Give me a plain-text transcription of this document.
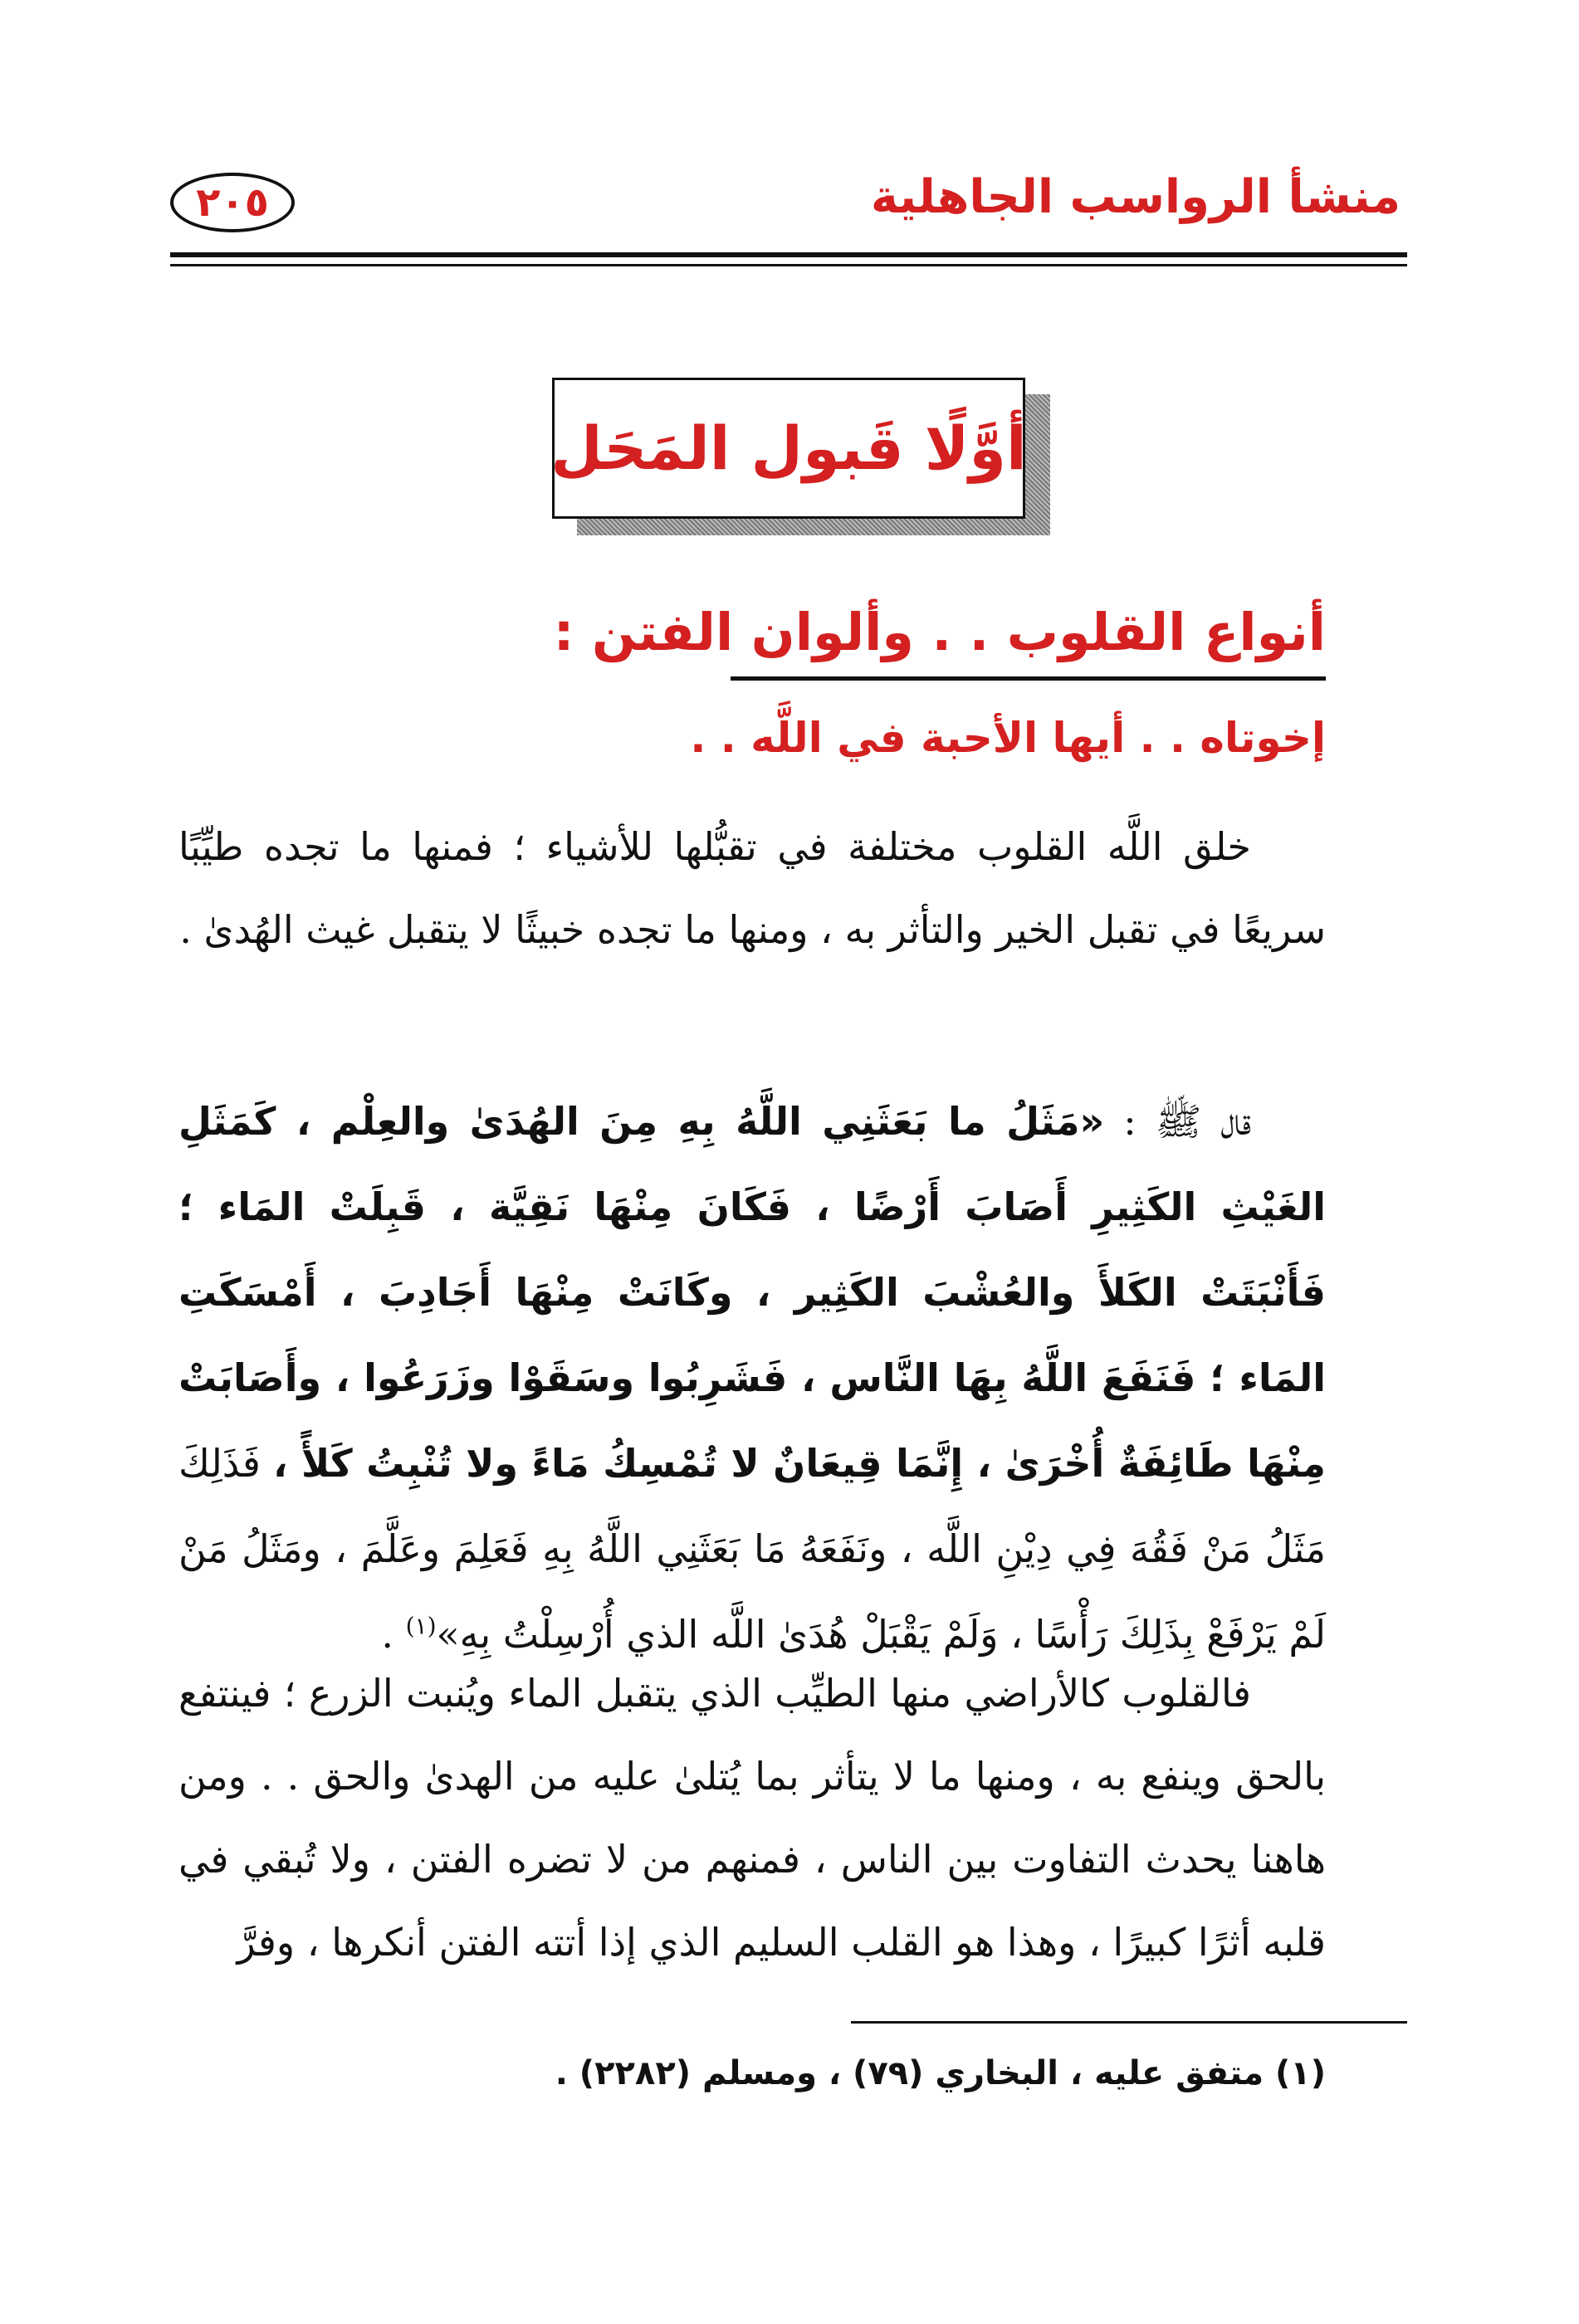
منشأ الرواسب الجاهلية
٢٠٥
أوَّلًا قَبول المَحَل
أنواع القلوب . . وألوان الفتن :
إخوتاه . . أيها الأحبة في اللَّه . .
خلق اللَّه القلوب مختلفة في تقبُّلها للأشياء ؛ فمنها ما تجده طيِّبًا سريعًا في تقبل الخير والتأثر به ، ومنها ما تجده خبيثًا لا يتقبل غيث الهُدىٰ .
قال ﷺ : «مَثَلُ ما بَعَثَنِي اللَّهُ بِهِ مِنَ الهُدَىٰ والعِلْم ، كَمَثَلِ الغَيْثِ الكَثِيرِ أَصَابَ أَرْضًا ، فَكَانَ مِنْهَا نَقِيَّة ، قَبِلَتْ المَاء ؛ فَأَنْبَتَتْ الكَلأَ والعُشْبَ الكَثِير ، وكَانَتْ مِنْهَا أَجَادِبَ ، أَمْسَكَتِ المَاء ؛ فَنَفَعَ اللَّهُ بِهَا النَّاس ، فَشَرِبُوا وسَقَوْا وزَرَعُوا ، وأَصَابَتْ مِنْهَا طَائِفَةٌ أُخْرَىٰ ، إِنَّمَا قِيعَانٌ لا تُمْسِكُ مَاءً ولا تُنْبِتُ كَلأً ، فَذَلِكَ مَثَلُ مَنْ فَقُهَ فِي دِيْنِ اللَّه ، ونَفَعَهُ مَا بَعَثَنِي اللَّهُ بِهِ فَعَلِمَ وعَلَّمَ ، ومَثَلُ مَنْ لَمْ يَرْفَعْ بِذَلِكَ رَأْسًا ، وَلَمْ يَقْبَلْ هُدَىٰ اللَّه الذي أُرْسِلْتُ بِهِ»$^{(١)}$ .
فالقلوب كالأراضي منها الطيِّب الذي يتقبل الماء ويُنبت الزرع ؛ فينتفع بالحق وينفع به ، ومنها ما لا يتأثر بما يُتلىٰ عليه من الهدىٰ والحق . . ومن هاهنا يحدث التفاوت بين الناس ، فمنهم من لا تضره الفتن ، ولا تُبقي في قلبه أثرًا كبيرًا ، وهذا هو القلب السليم الذي إذا أتته الفتن أنكرها ، وفرَّ
(١) متفق عليه ، البخاري (٧٩) ، ومسلم (٢٢٨٢) .
